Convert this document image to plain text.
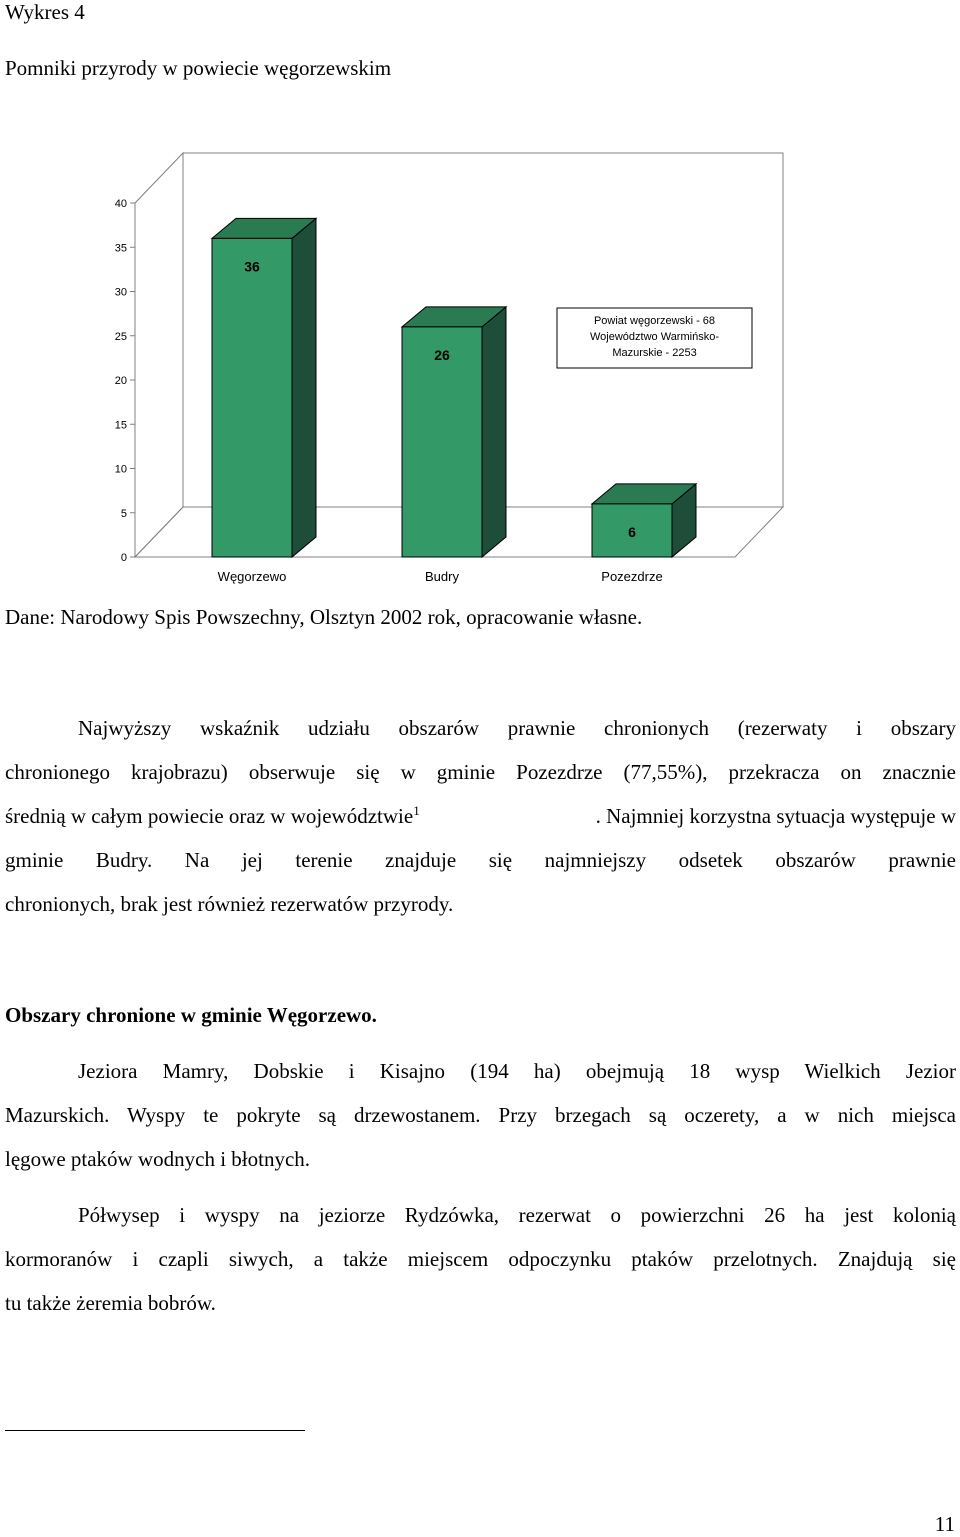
Wykres 4
Pomniki przyrody w powiecie węgorzewskim
0
5
10
15
20
25
30
35
40
36
26
6
Węgorzewo	Budry	Pozezdrze
Powiat węgorzewski - 68
Województwo Warmińsko-
Mazurskie - 2253
Dane: Narodowy Spis Powszechny, Olsztyn 2002 rok, opracowanie własne.
Najwyższy wskaźnik udziału obszarów prawnie chronionych (rezerwaty i obszary
chronionego krajobrazu) obserwuje się w gminie Pozezdrze (77,55%), przekracza on znacznie
średnią w całym powiecie oraz w województwie$^1$	. Najmniej korzystna sytuacja występuje w
gminie Budry. Na jej terenie znajduje się najmniejszy odsetek obszarów prawnie
chronionych, brak jest również rezerwatów przyrody.
Obszary chronione w gminie Węgorzewo.
Jeziora Mamry, Dobskie i Kisajno (194 ha) obejmują 18 wysp Wielkich Jezior
Mazurskich. Wyspy te pokryte są drzewostanem. Przy brzegach są oczerety, a w nich miejsca
lęgowe ptaków wodnych i błotnych.
Półwysep i wyspy na jeziorze Rydzówka, rezerwat o powierzchni 26 ha jest kolonią
kormoranów i czapli siwych, a także miejscem odpoczynku ptaków przelotnych. Znajdują się
tu także żeremia bobrów.
11
